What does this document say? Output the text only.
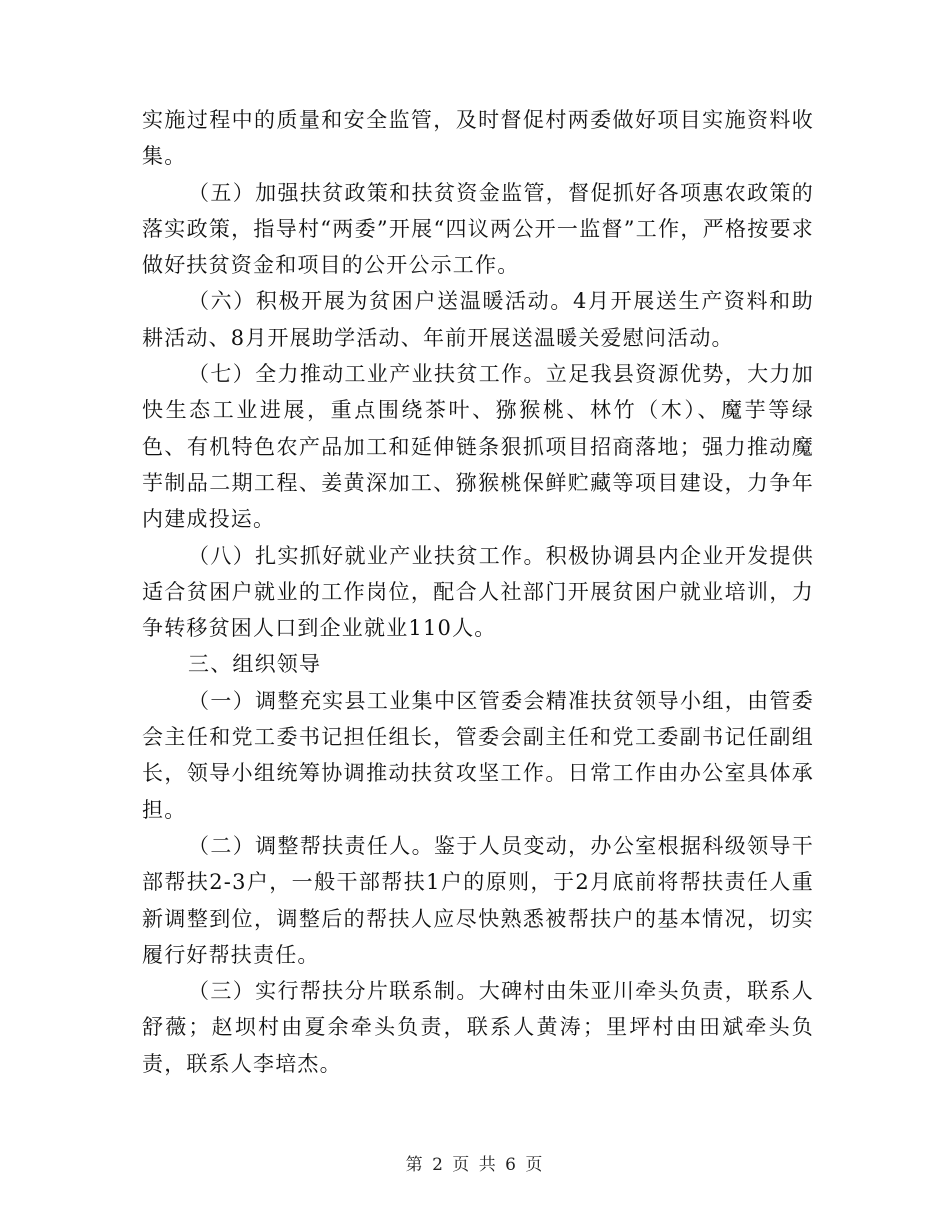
实施过程中的质量和安全监管，及时督促村两委做好项目实施资料收集。

（五）加强扶贫政策和扶贫资金监管，督促抓好各项惠农政策的落实政策，指导村“两委”开展“四议两公开一监督”工作，严格按要求做好扶贫资金和项目的公开公示工作。

（六）积极开展为贫困户送温暖活动。4月开展送生产资料和助耕活动、8月开展助学活动、年前开展送温暖关爱慰问活动。

（七）全力推动工业产业扶贫工作。立足我县资源优势，大力加快生态工业进展，重点围绕茶叶、猕猴桃、林竹（木）、魔芋等绿色、有机特色农产品加工和延伸链条狠抓项目招商落地；强力推动魔芋制品二期工程、姜黄深加工、猕猴桃保鲜贮藏等项目建设，力争年内建成投运。

（八）扎实抓好就业产业扶贫工作。积极协调县内企业开发提供适合贫困户就业的工作岗位，配合人社部门开展贫困户就业培训，力争转移贫困人口到企业就业110人。

三、组织领导

（一）调整充实县工业集中区管委会精准扶贫领导小组，由管委会主任和党工委书记担任组长，管委会副主任和党工委副书记任副组长，领导小组统筹协调推动扶贫攻坚工作。日常工作由办公室具体承担。

（二）调整帮扶责任人。鉴于人员变动，办公室根据科级领导干部帮扶2-3户，一般干部帮扶1户的原则，于2月底前将帮扶责任人重新调整到位，调整后的帮扶人应尽快熟悉被帮扶户的基本情况，切实履行好帮扶责任。

（三）实行帮扶分片联系制。大碑村由朱亚川牵头负责，联系人舒薇；赵坝村由夏余牵头负责，联系人黄涛；里坪村由田斌牵头负责，联系人李培杰。

第 2 页 共 6 页
